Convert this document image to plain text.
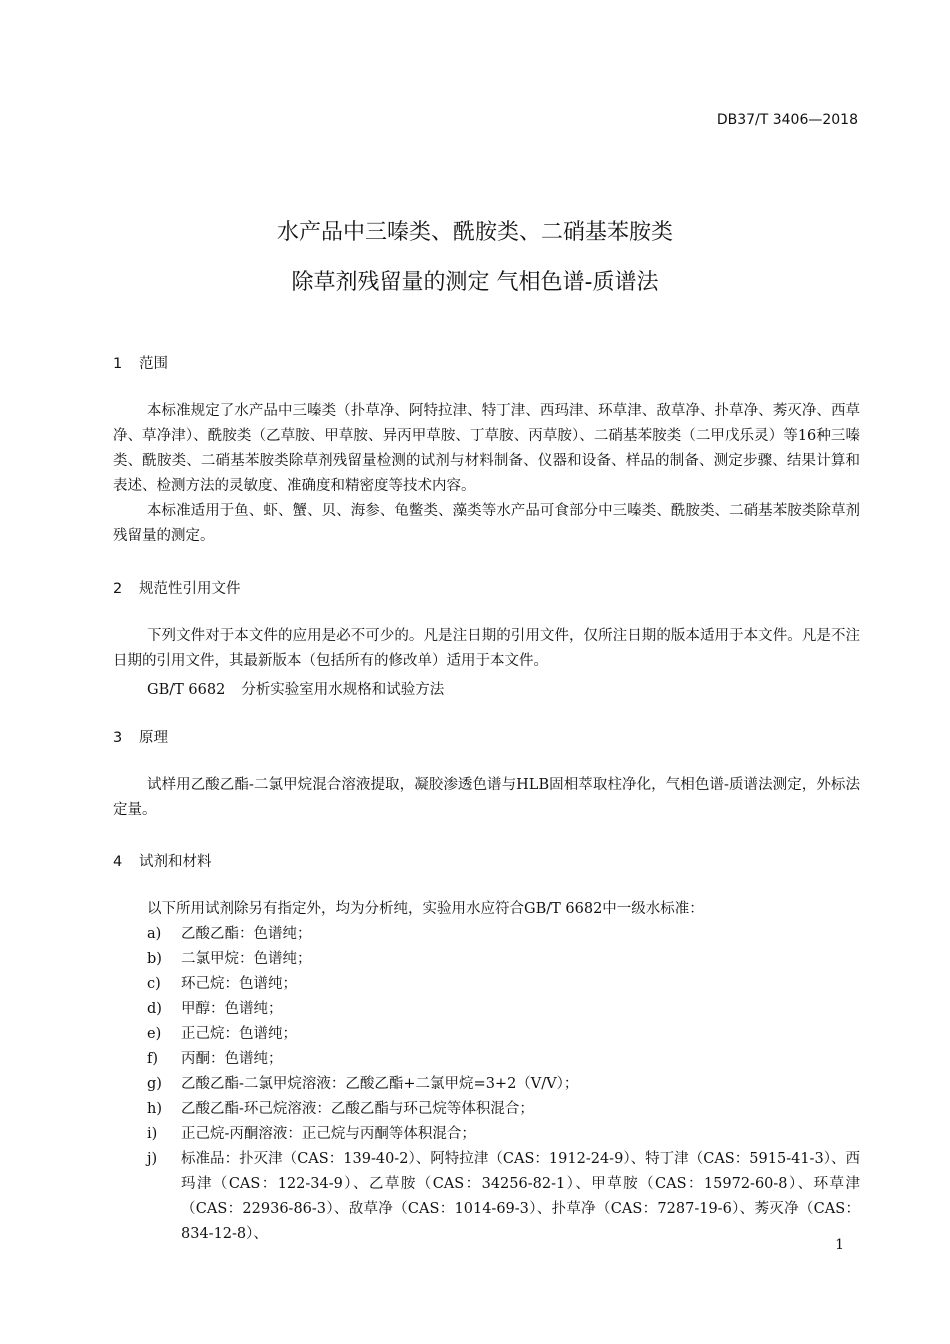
DB37/T 3406—2018
水产品中三嗪类、酰胺类、二硝基苯胺类
除草剂残留量的测定 气相色谱-质谱法
1 范围

本标准规定了水产品中三嗪类（扑草净、阿特拉津、特丁津、西玛津、环草津、敌草净、扑草净、莠灭净、西草净、草净津）、酰胺类（乙草胺、甲草胺、异丙甲草胺、丁草胺、丙草胺）、二硝基苯胺类（二甲戊乐灵）等16种三嗪类、酰胺类、二硝基苯胺类除草剂残留量检测的试剂与材料制备、仪器和设备、样品的制备、测定步骤、结果计算和表述、检测方法的灵敏度、准确度和精密度等技术内容。

本标准适用于鱼、虾、蟹、贝、海参、龟鳖类、藻类等水产品可食部分中三嗪类、酰胺类、二硝基苯胺类除草剂残留量的测定。

2 规范性引用文件

下列文件对于本文件的应用是必不可少的。凡是注日期的引用文件，仅所注日期的版本适用于本文件。凡是不注日期的引用文件，其最新版本（包括所有的修改单）适用于本文件。

GB/T 6682 分析实验室用水规格和试验方法
3 原理

试样用乙酸乙酯-二氯甲烷混合溶液提取，凝胶渗透色谱与HLB固相萃取柱净化，气相色谱-质谱法测定，外标法定量。

4 试剂和材料

以下所用试剂除另有指定外，均为分析纯，实验用水应符合GB/T 6682中一级水标准：

a) 乙酸乙酯：色谱纯；
b) 二氯甲烷：色谱纯；
c) 环己烷：色谱纯；
d) 甲醇：色谱纯；
e) 正己烷：色谱纯；
f) 丙酮：色谱纯；
g) 乙酸乙酯-二氯甲烷溶液：乙酸乙酯+二氯甲烷=3+2（V/V）；
h) 乙酸乙酯-环己烷溶液：乙酸乙酯与环己烷等体积混合；
i) 正己烷-丙酮溶液：正己烷与丙酮等体积混合；
j) 标准品：扑灭津（CAS：139-40-2）、阿特拉津（CAS：1912-24-9）、特丁津（CAS：5915-41-3）、西玛津（CAS：122-34-9）、乙草胺（CAS：34256-82-1）、甲草胺（CAS：15972-60-8）、环草津（CAS：22936-86-3）、敌草净（CAS：1014-69-3）、扑草净（CAS：7287-19-6）、莠灭净（CAS：834-12-8）、
1
